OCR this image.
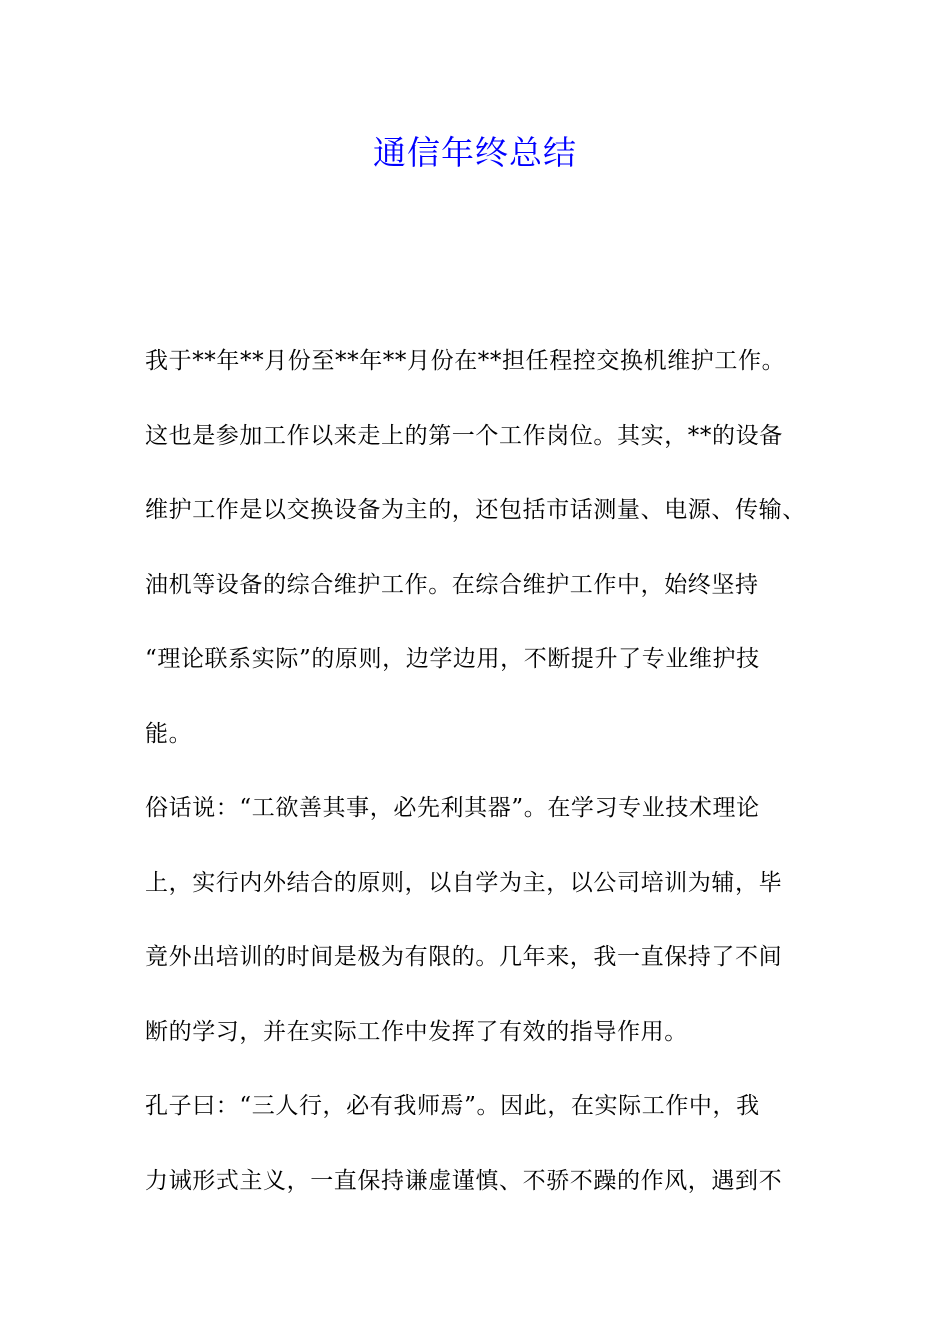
通信年终总结
我于**年**月份至**年**月份在**担任程控交换机维护工作。
这也是参加工作以来走上的第一个工作岗位。其实，**的设备
维护工作是以交换设备为主的，还包括市话测量、电源、传输、
油机等设备的综合维护工作。在综合维护工作中，始终坚持
“理论联系实际”的原则，边学边用，不断提升了专业维护技
能。
俗话说：“工欲善其事，必先利其器”。在学习专业技术理论
上，实行内外结合的原则，以自学为主，以公司培训为辅，毕
竟外出培训的时间是极为有限的。几年来，我一直保持了不间
断的学习，并在实际工作中发挥了有效的指导作用。
孔子曰：“三人行，必有我师焉”。因此，在实际工作中，我
力诫形式主义，一直保持谦虚谨慎、不骄不躁的作风，遇到不
